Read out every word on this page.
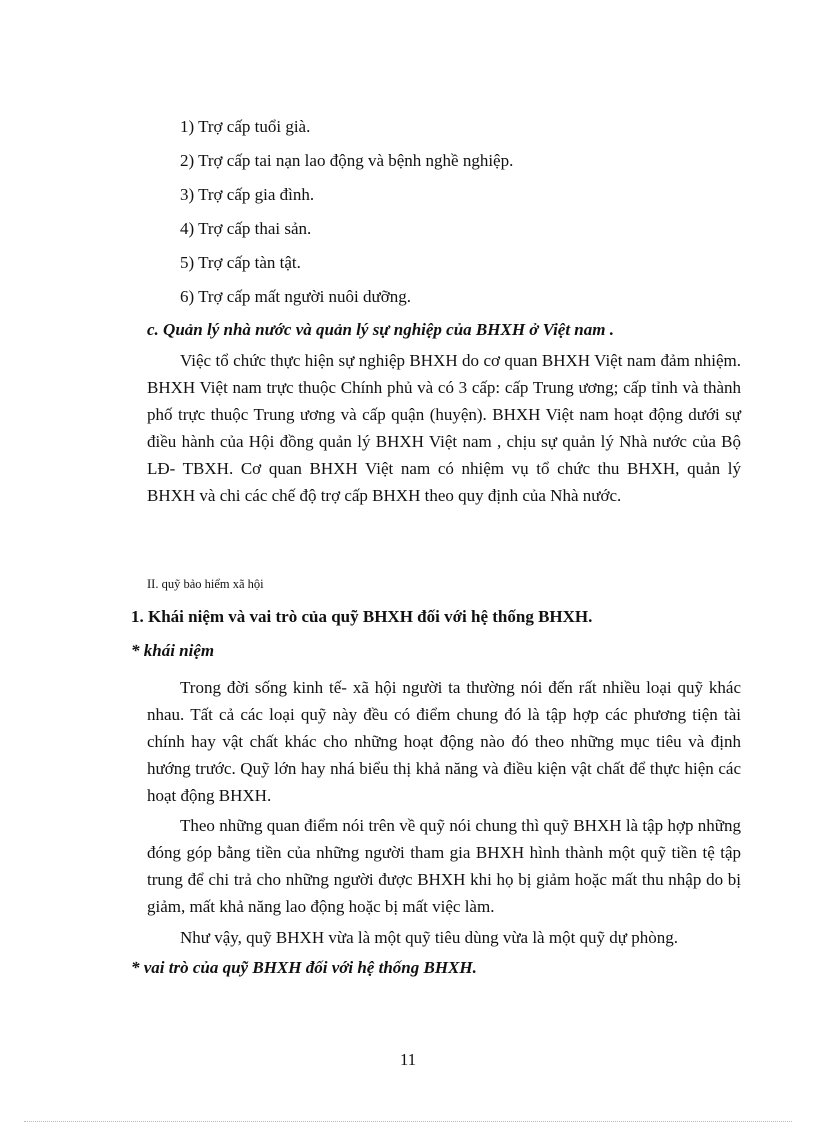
1) Trợ cấp tuổi già.
2) Trợ cấp tai nạn lao động và bệnh nghề nghiệp.
3) Trợ cấp gia đình.
4) Trợ cấp thai sản.
5) Trợ cấp tàn tật.
6) Trợ cấp mất người nuôi dưỡng.
c. Quản lý nhà nước và quản lý sự nghiệp của BHXH ở Việt nam .

Việc tổ chức thực hiện sự nghiệp BHXH do cơ quan BHXH Việt nam đảm nhiệm. BHXH Việt nam trực thuộc Chính phủ và có 3 cấp: cấp Trung ương; cấp tỉnh và thành phố trực thuộc Trung ương và cấp quận (huyện). BHXH Việt nam hoạt động dưới sự điều hành của Hội đồng quản lý BHXH Việt nam , chịu sự quản lý Nhà nước của Bộ LĐ- TBXH. Cơ quan BHXH Việt nam có nhiệm vụ tổ chức thu BHXH, quản lý BHXH và chi các chế độ trợ cấp BHXH theo quy định của Nhà nước.

II. quỹ bảo hiểm xã hội
1. Khái niệm và vai trò của quỹ BHXH đối với hệ thống BHXH.
* khái niệm

Trong đời sống kinh tế- xã hội người ta thường nói đến rất nhiều loại quỹ khác nhau. Tất cả các loại quỹ này đều có điểm chung đó là tập hợp các phương tiện tài chính hay vật chất khác cho những hoạt động nào đó theo những mục tiêu và định hướng trước. Quỹ lớn hay nhá biểu thị khả năng và điều kiện vật chất để thực hiện các hoạt động BHXH.

Theo những quan điểm nói trên về quỹ nói chung thì quỹ BHXH là tập hợp những đóng góp bằng tiền của những người tham gia BHXH hình thành một quỹ tiền tệ tập trung để chi trả cho những người được BHXH khi họ bị giảm hoặc mất thu nhập do bị giảm, mất khả năng lao động hoặc bị mất việc làm.

Như vậy, quỹ BHXH vừa là một quỹ tiêu dùng vừa là một quỹ dự phòng.

* vai trò của quỹ BHXH đối với hệ thống BHXH.
11
